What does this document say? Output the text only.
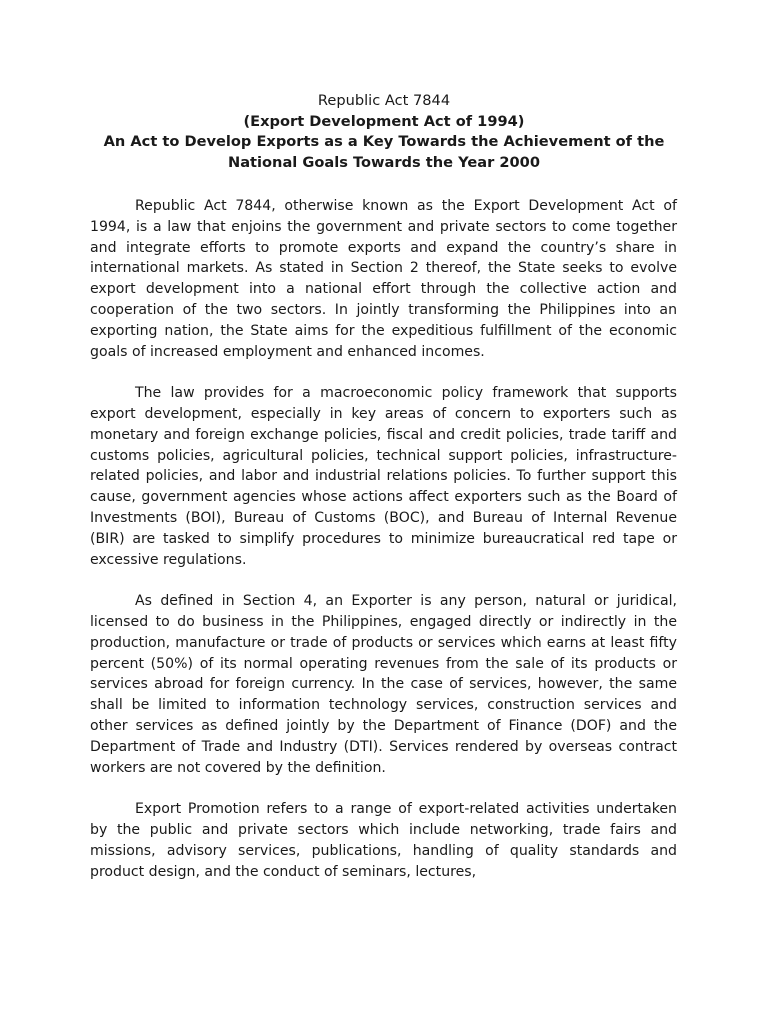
Republic Act 7844
(Export Development Act of 1994)
An Act to Develop Exports as a Key Towards the Achievement of the
National Goals Towards the Year 2000

Republic Act 7844, otherwise known as the Export Development Act of 1994, is a law that enjoins the government and private sectors to come together and integrate efforts to promote exports and expand the country’s share in international markets. As stated in Section 2 thereof, the State seeks to evolve export development into a national effort through the collective action and cooperation of the two sectors. In jointly transforming the Philippines into an exporting nation, the State aims for the expeditious fulfillment of the economic goals of increased employment and enhanced incomes.

The law provides for a macroeconomic policy framework that supports export development, especially in key areas of concern to exporters such as monetary and foreign exchange policies, fiscal and credit policies, trade tariff and customs policies, agricultural policies, technical support policies, infrastructure-related policies, and labor and industrial relations policies. To further support this cause, government agencies whose actions affect exporters such as the Board of Investments (BOI), Bureau of Customs (BOC), and Bureau of Internal Revenue (BIR) are tasked to simplify procedures to minimize bureaucratical red tape or excessive regulations.

As defined in Section 4, an Exporter is any person, natural or juridical, licensed to do business in the Philippines, engaged directly or indirectly in the production, manufacture or trade of products or services which earns at least fifty percent (50%) of its normal operating revenues from the sale of its products or services abroad for foreign currency. In the case of services, however, the same shall be limited to information technology services, construction services and other services as defined jointly by the Department of Finance (DOF) and the Department of Trade and Industry (DTI). Services rendered by overseas contract workers are not covered by the definition.

Export Promotion refers to a range of export-related activities undertaken by the public and private sectors which include networking, trade fairs and missions, advisory services, publications, handling of quality standards and product design, and the conduct of seminars, lectures,
